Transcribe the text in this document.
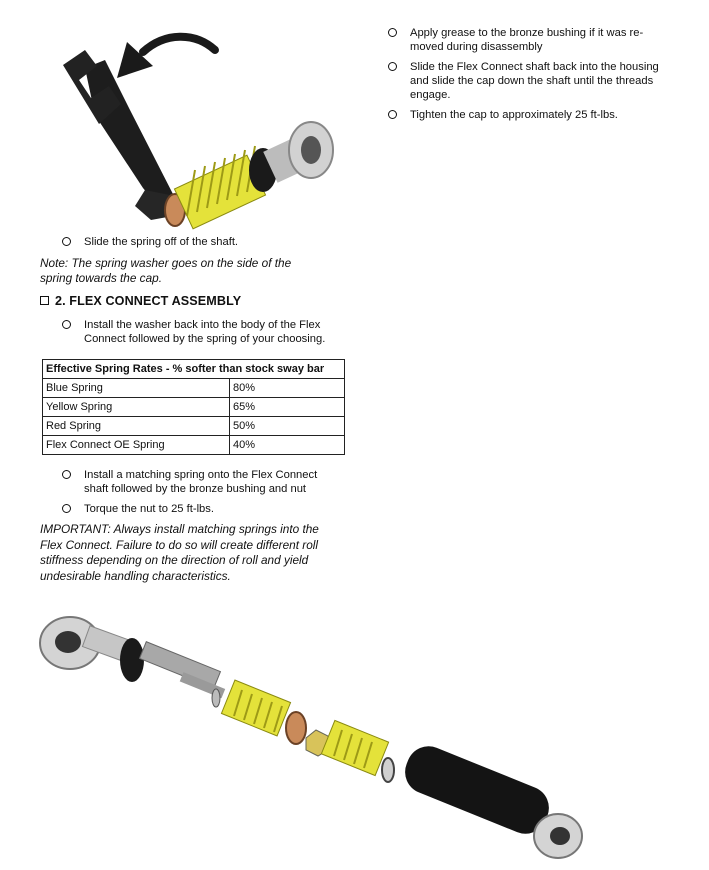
Apply grease to the bronze bushing if it was re-
moved during disassembly
Slide the Flex Connect shaft back into the housing
and slide the cap down the shaft until the threads
engage.
Tighten the cap to approximately 25 ft-lbs.
Slide the spring off of the shaft.
Note: The spring washer goes on the side of the
spring towards the cap.
2. FLEX CONNECT ASSEMBLY
Install the washer back into the body of the Flex
Connect followed by the spring of your choosing.
Effective Spring Rates - % softer than stock sway bar	
Blue Spring	80%
Yellow Spring	65%
Red Spring	50%
Flex Connect OE Spring	40%
Install a matching spring onto the Flex Connect
shaft followed by the bronze bushing and nut
Torque the nut to 25 ft-lbs.
IMPORTANT: Always install matching springs into the
Flex Connect. Failure to do so will create different roll
stiffness depending on the direction of roll and yield
undesirable handling characteristics.
